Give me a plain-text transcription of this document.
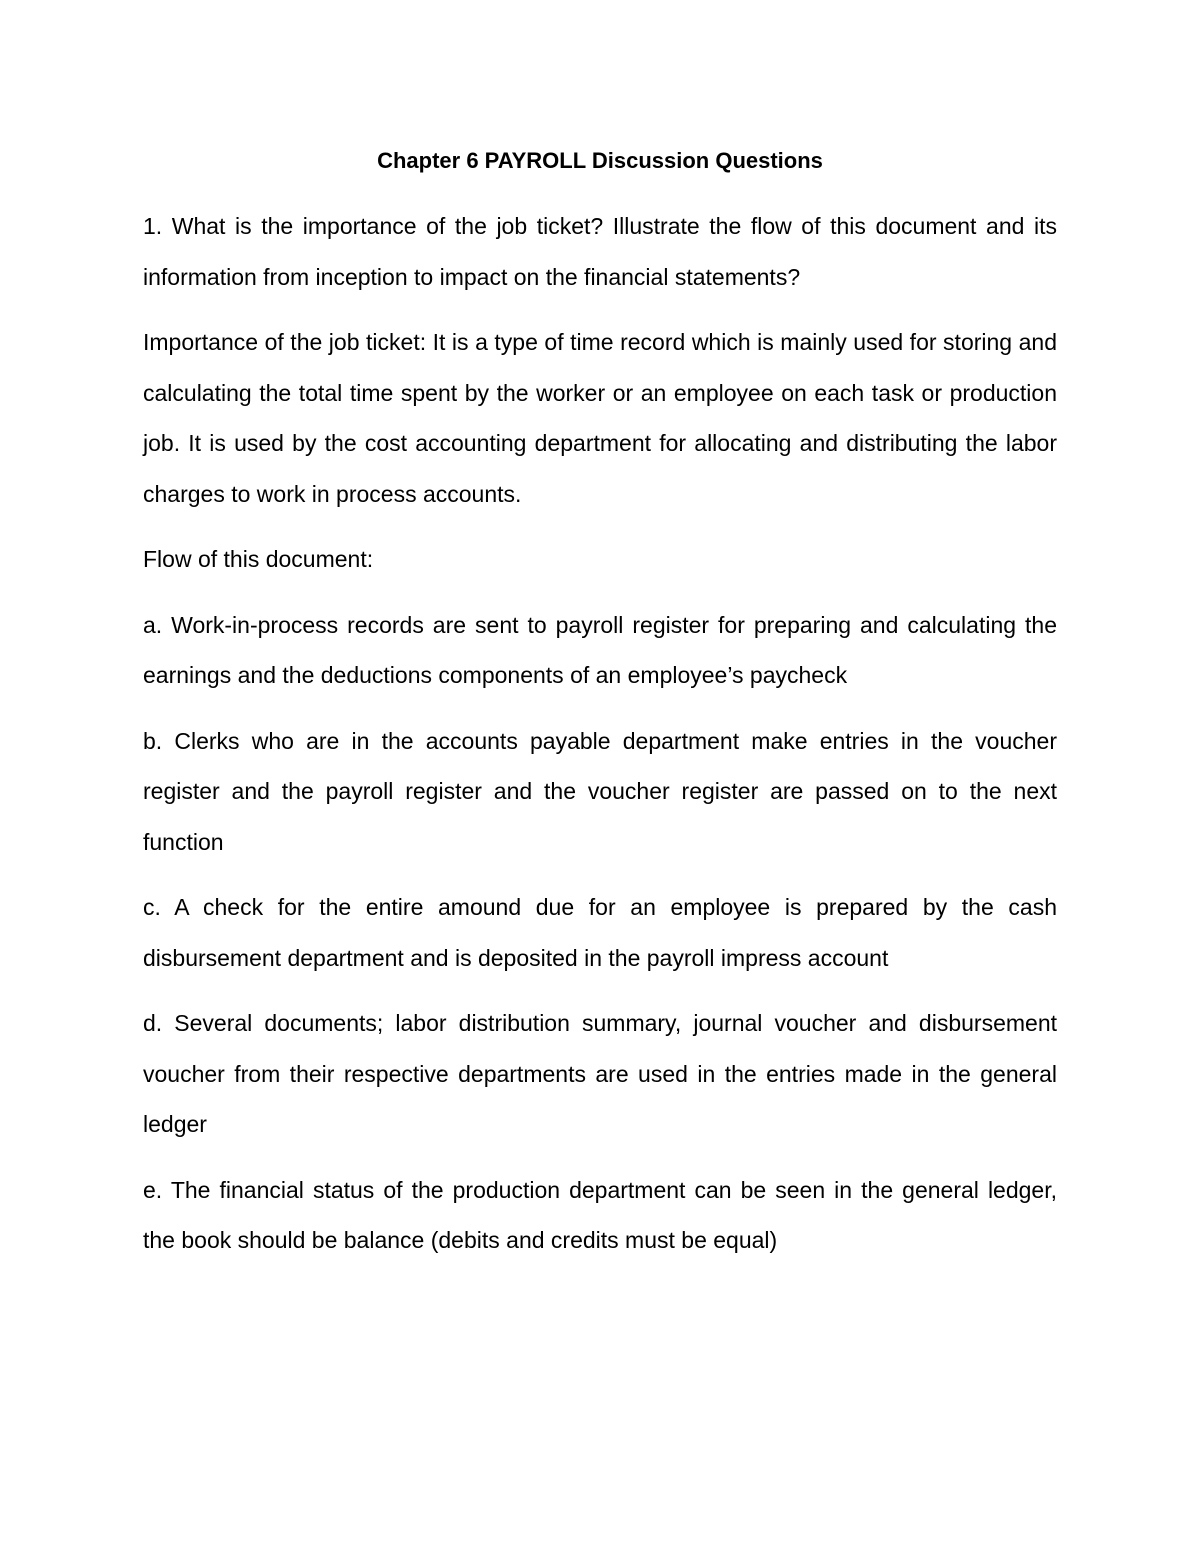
Chapter 6 PAYROLL Discussion Questions

1. What is the importance of the job ticket? Illustrate the flow of this document and its information from inception to impact on the financial statements?

Importance of the job ticket: It is a type of time record which is mainly used for storing and calculating the total time spent by the worker or an employee on each task or production job. It is used by the cost accounting department for allocating and distributing the labor charges to work in process accounts.

Flow of this document:

a. Work-in-process records are sent to payroll register for preparing and calculating the earnings and the deductions components of an employee’s paycheck

b. Clerks who are in the accounts payable department make entries in the voucher register and the payroll register and the voucher register are passed on to the next function

c. A check for the entire amound due for an employee is prepared by the cash disbursement department and is deposited in the payroll impress account

d. Several documents; labor distribution summary, journal voucher and disbursement voucher from their respective departments are used in the entries made in the general ledger

e. The financial status of the production department can be seen in the general ledger, the book should be balance (debits and credits must be equal)
